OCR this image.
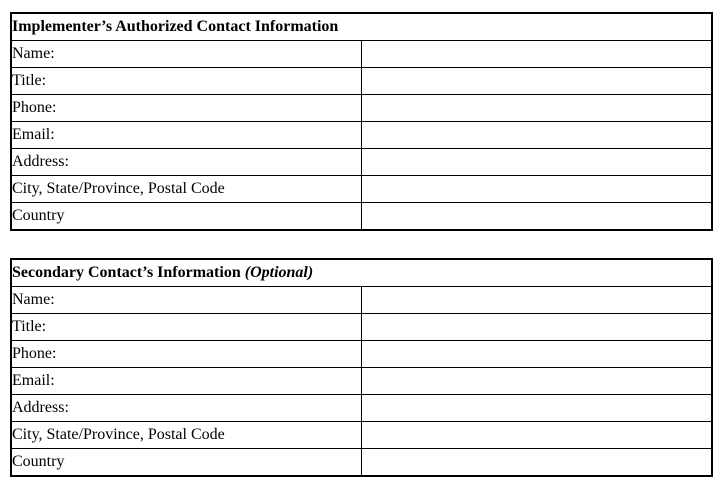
Implementer’s Authorized Contact Information	
Name:	
Title:	
Phone:	
Email:	
Address:	
City, State/Province, Postal Code	
Country	
Secondary Contact’s Information (Optional)	
Name:	
Title:	
Phone:	
Email:	
Address:	
City, State/Province, Postal Code	
Country	
